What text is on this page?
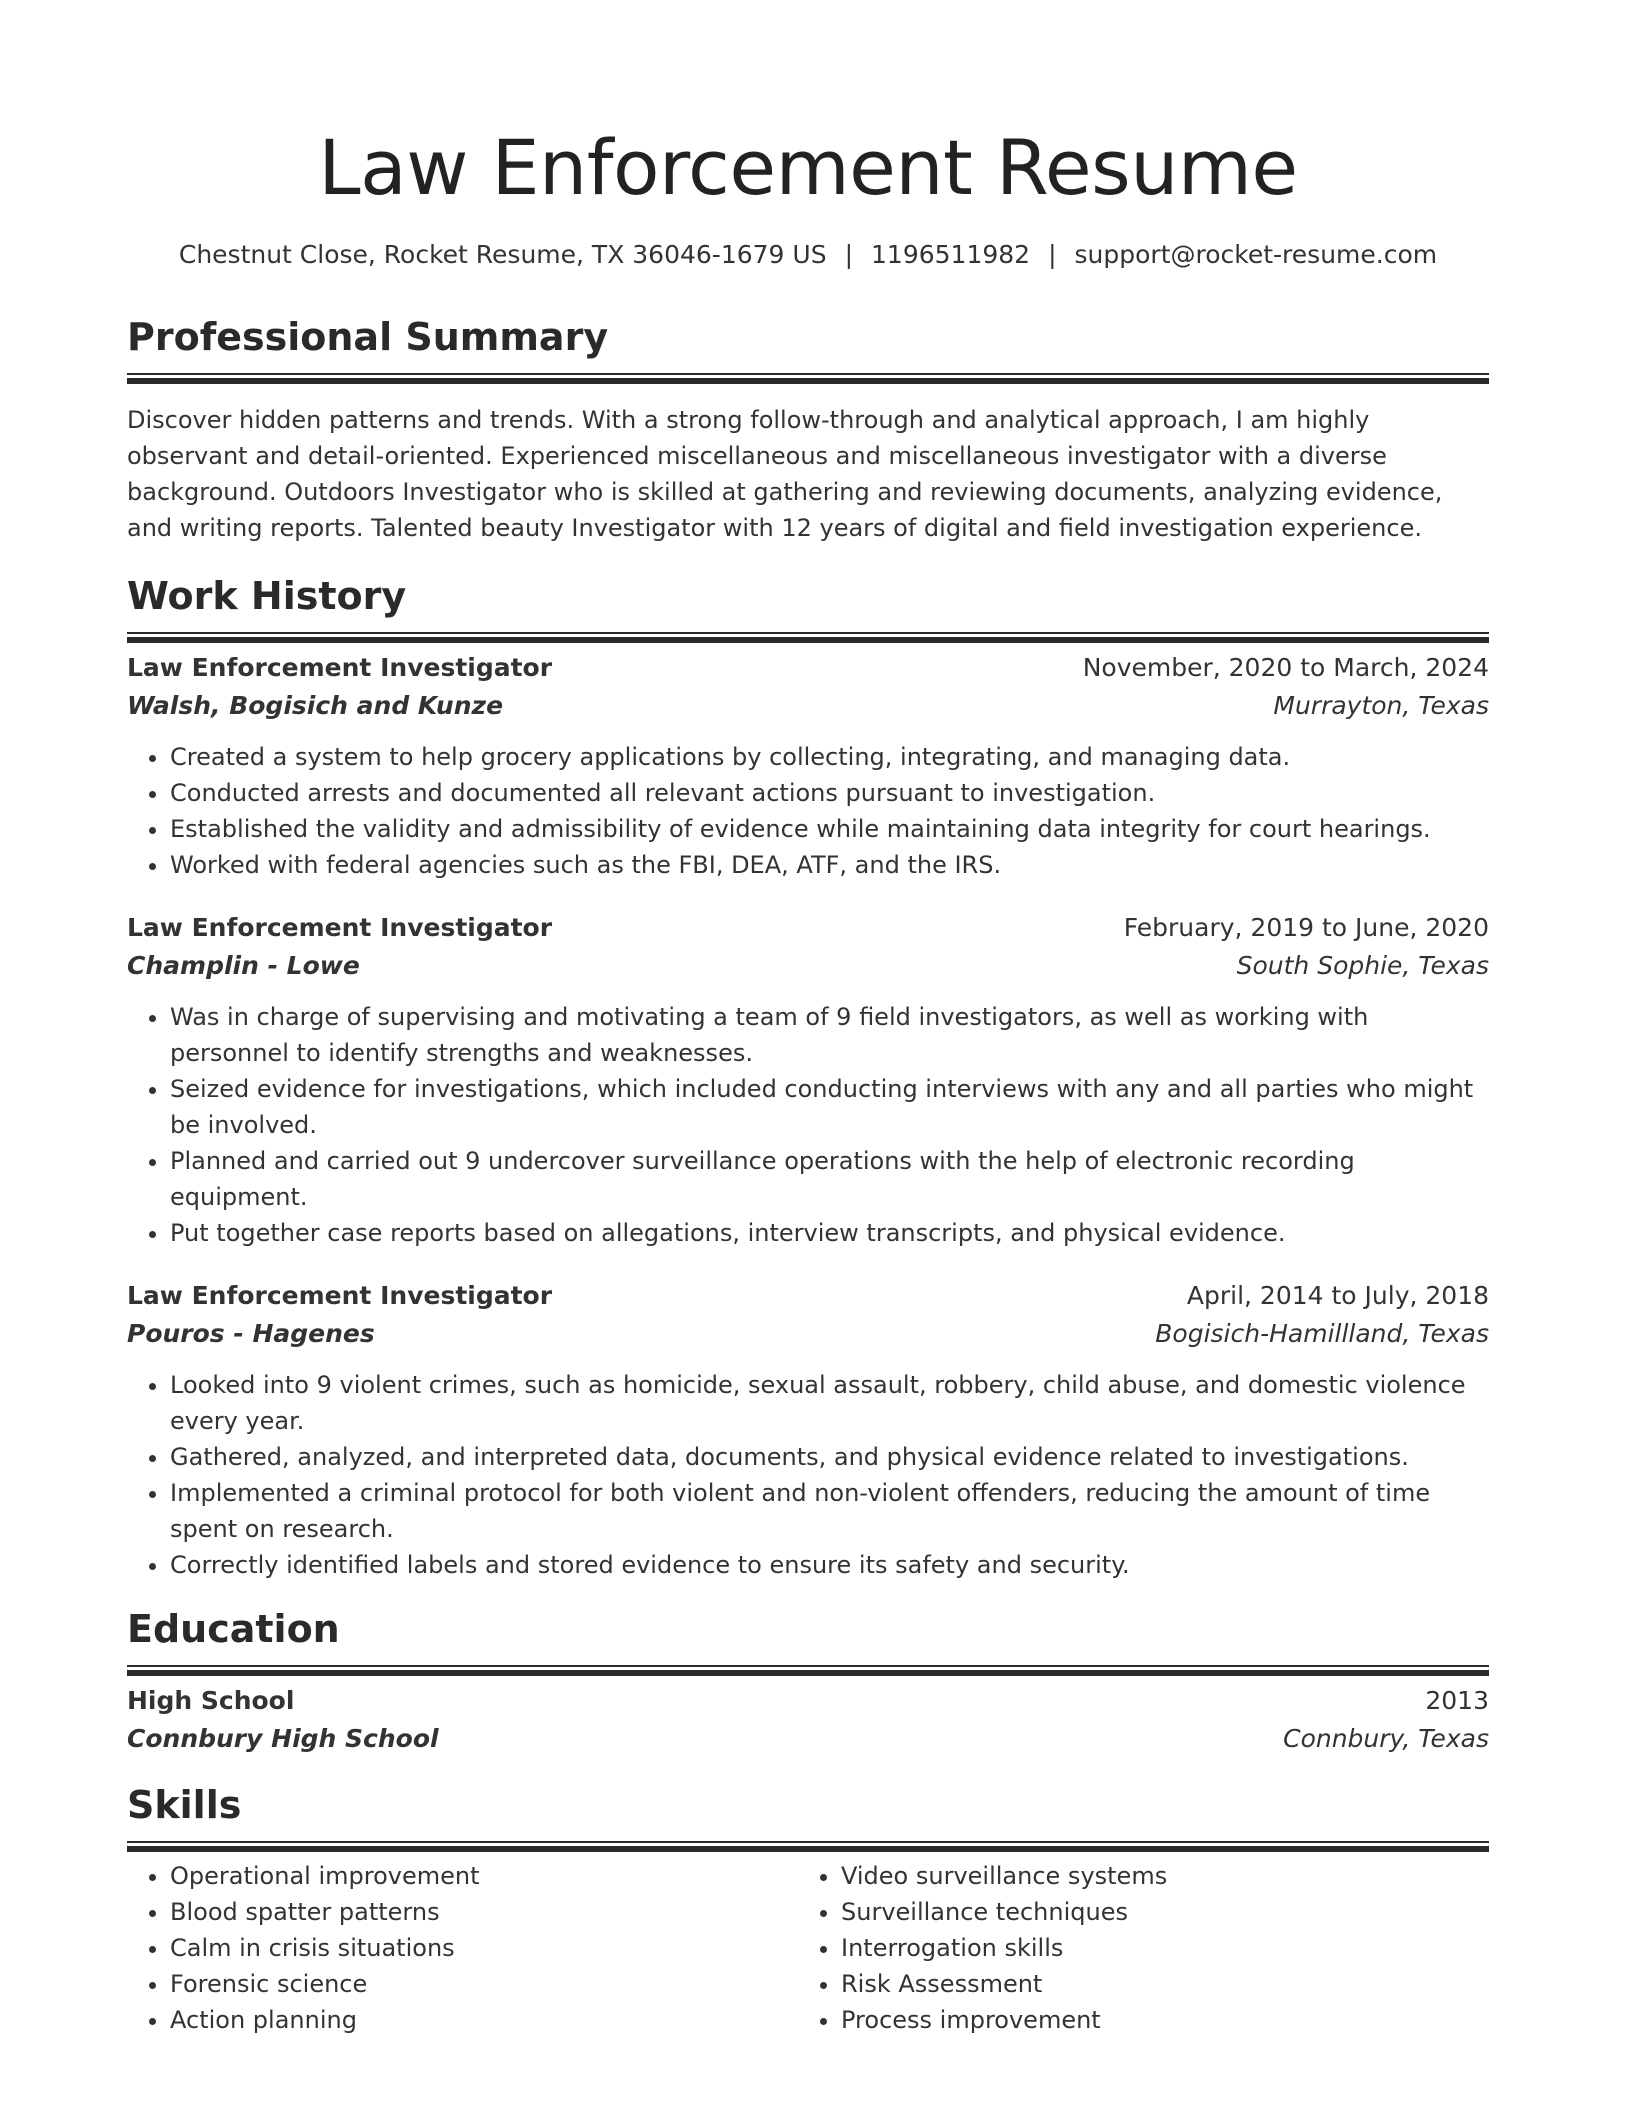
Law Enforcement Resume
Chestnut Close, Rocket Resume, TX 36046-1679 US | 1196511982 | support@rocket-resume.com
Professional Summary
Discover hidden patterns and trends. With a strong follow-through and analytical approach, I am highly observant and detail-oriented. Experienced miscellaneous and miscellaneous investigator with a diverse background. Outdoors Investigator who is skilled at gathering and reviewing documents, analyzing evidence, and writing reports. Talented beauty Investigator with 12 years of digital and field investigation experience.
Work History
Law Enforcement Investigator	November, 2020 to March, 2024
Walsh, Bogisich and Kunze	Murrayton, Texas
• Created a system to help grocery applications by collecting, integrating, and managing data.
• Conducted arrests and documented all relevant actions pursuant to investigation.
• Established the validity and admissibility of evidence while maintaining data integrity for court hearings.
• Worked with federal agencies such as the FBI, DEA, ATF, and the IRS.
Law Enforcement Investigator	February, 2019 to June, 2020
Champlin - Lowe	South Sophie, Texas
• Was in charge of supervising and motivating a team of 9 field investigators, as well as working with personnel to identify strengths and weaknesses.
• Seized evidence for investigations, which included conducting interviews with any and all parties who might be involved.
• Planned and carried out 9 undercover surveillance operations with the help of electronic recording equipment.
• Put together case reports based on allegations, interview transcripts, and physical evidence.
Law Enforcement Investigator	April, 2014 to July, 2018
Pouros - Hagenes	Bogisich-Hamillland, Texas
• Looked into 9 violent crimes, such as homicide, sexual assault, robbery, child abuse, and domestic violence every year.
• Gathered, analyzed, and interpreted data, documents, and physical evidence related to investigations.
• Implemented a criminal protocol for both violent and non-violent offenders, reducing the amount of time spent on research.
• Correctly identified labels and stored evidence to ensure its safety and security.
Education
High School	2013
Connbury High School	Connbury, Texas
Skills
• Operational improvement
• Blood spatter patterns
• Calm in crisis situations
• Forensic science
• Action planning
• Video surveillance systems
• Surveillance techniques
• Interrogation skills
• Risk Assessment
• Process improvement
